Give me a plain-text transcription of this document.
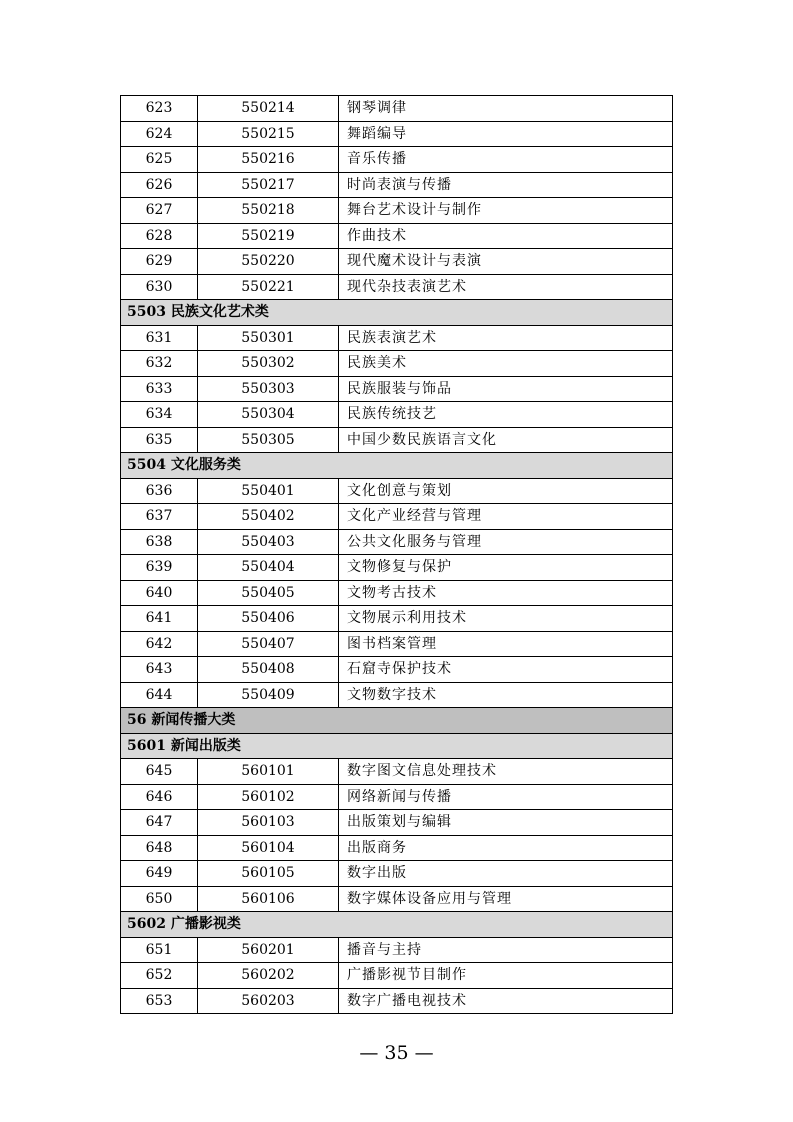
623	550214	钢琴调律
624	550215	舞蹈编导
625	550216	音乐传播
626	550217	时尚表演与传播
627	550218	舞台艺术设计与制作
628	550219	作曲技术
629	550220	现代魔术设计与表演
630	550221	现代杂技表演艺术
5503 民族文化艺术类		
631	550301	民族表演艺术
632	550302	民族美术
633	550303	民族服装与饰品
634	550304	民族传统技艺
635	550305	中国少数民族语言文化
5504 文化服务类		
636	550401	文化创意与策划
637	550402	文化产业经营与管理
638	550403	公共文化服务与管理
639	550404	文物修复与保护
640	550405	文物考古技术
641	550406	文物展示利用技术
642	550407	图书档案管理
643	550408	石窟寺保护技术
644	550409	文物数字技术
56 新闻传播大类		
5601 新闻出版类		
645	560101	数字图文信息处理技术
646	560102	网络新闻与传播
647	560103	出版策划与编辑
648	560104	出版商务
649	560105	数字出版
650	560106	数字媒体设备应用与管理
5602 广播影视类		
651	560201	播音与主持
652	560202	广播影视节目制作
653	560203	数字广播电视技术
— 35 —
